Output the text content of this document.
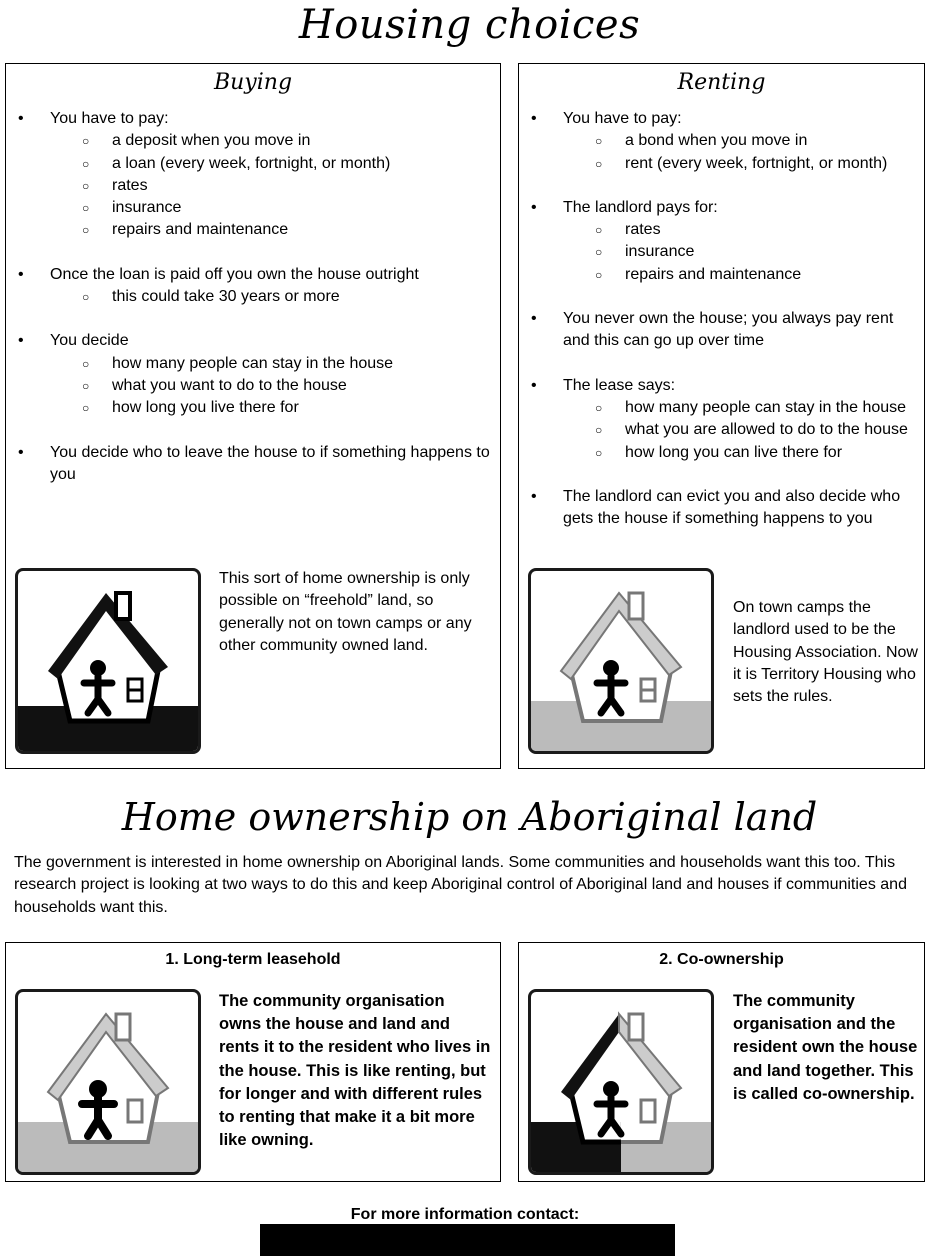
Housing choices
Buying
• You have to pay:
○ a deposit when you move in
○ a loan (every week, fortnight, or month)
○ rates
○ insurance
○ repairs and maintenance
• Once the loan is paid off you own the house outright
○ this could take 30 years or more
• You decide
○ how many people can stay in the house
○ what you want to do to the house
○ how long you live there for
• You decide who to leave the house to if something happens to you
This sort of home ownership is only possible on “freehold” land, so generally not on town camps or any other community owned land.
Renting
• You have to pay:
○ a bond when you move in
○ rent (every week, fortnight, or month)
• The landlord pays for:
○ rates
○ insurance
○ repairs and maintenance
• You never own the house; you always pay rent and this can go up over time
• The lease says:
○ how many people can stay in the house
○ what you are allowed to do to the house
○ how long you can live there for
• The landlord can evict you and also decide who gets the house if something happens to you
On town camps the landlord used to be the Housing Association. Now it is Territory Housing who sets the rules.
Home ownership on Aboriginal land
The government is interested in home ownership on Aboriginal lands. Some communities and households want this too. This research project is looking at two ways to do this and keep Aboriginal control of Aboriginal land and houses if communities and households want this.
1. Long-term leasehold
The community organisation owns the house and land and rents it to the resident who lives in the house. This is like renting, but for longer and with different rules to renting that make it a bit more like owning.
2. Co-ownership
The community organisation and the resident own the house and land together. This is called co-ownership.
For more information contact:
